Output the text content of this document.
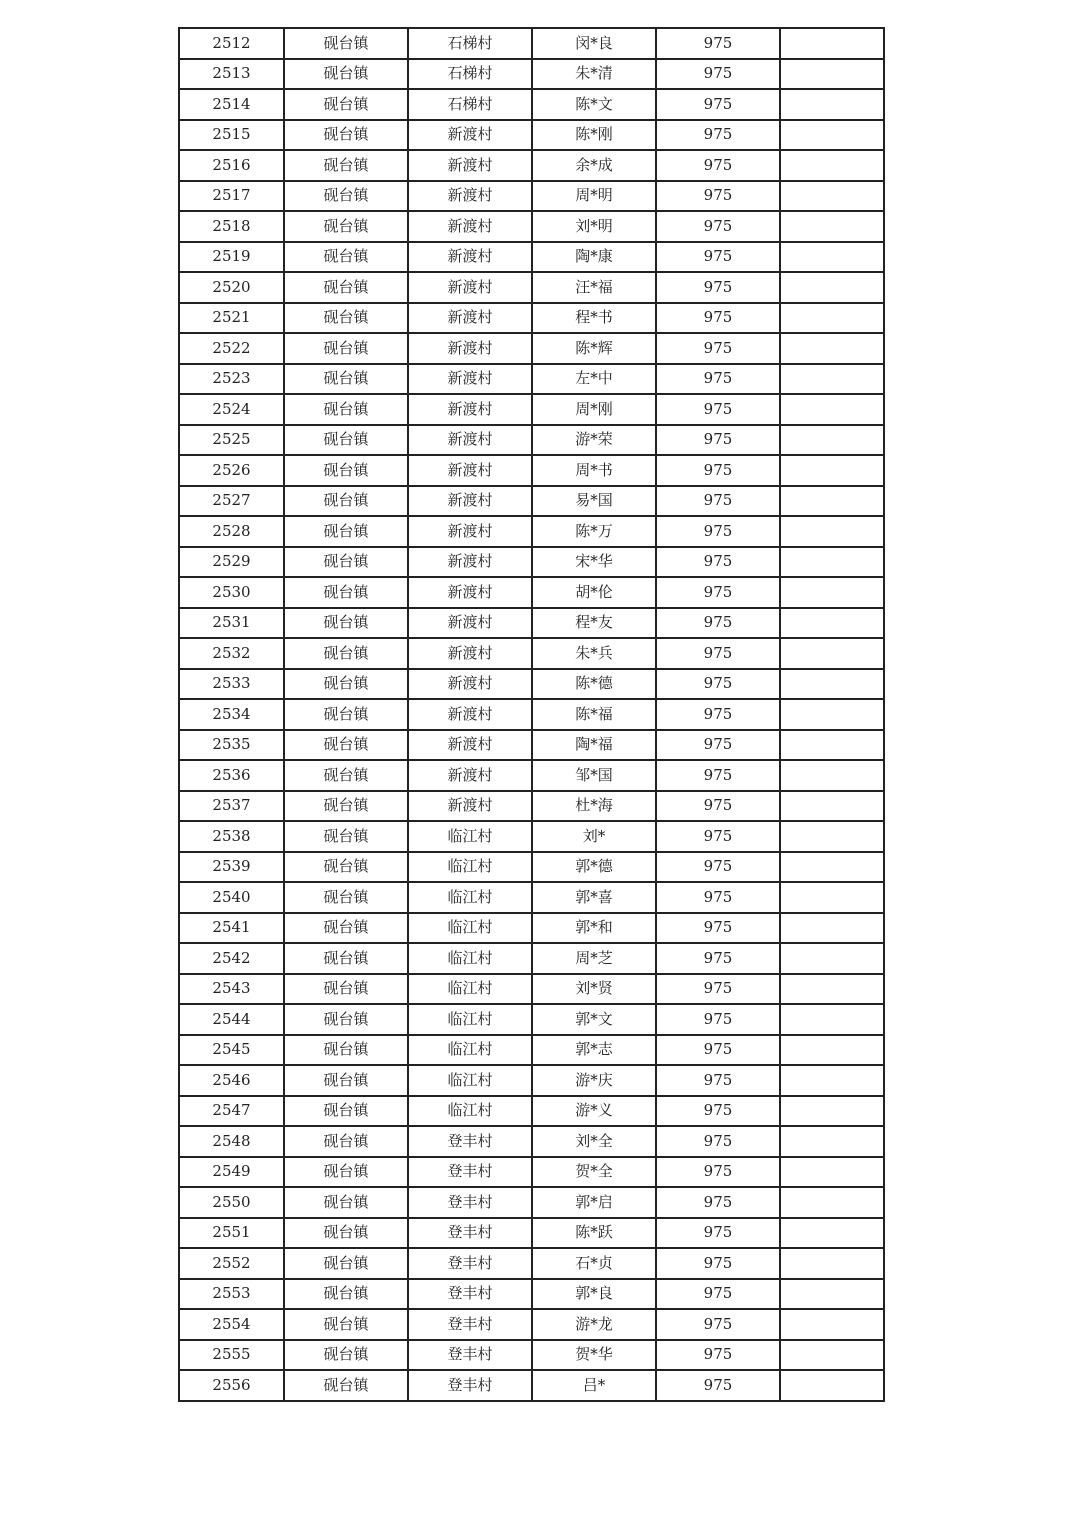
2512	砚台镇	石梯村	闵*良	975	
2513	砚台镇	石梯村	朱*清	975	
2514	砚台镇	石梯村	陈*文	975	
2515	砚台镇	新渡村	陈*刚	975	
2516	砚台镇	新渡村	余*成	975	
2517	砚台镇	新渡村	周*明	975	
2518	砚台镇	新渡村	刘*明	975	
2519	砚台镇	新渡村	陶*康	975	
2520	砚台镇	新渡村	汪*福	975	
2521	砚台镇	新渡村	程*书	975	
2522	砚台镇	新渡村	陈*辉	975	
2523	砚台镇	新渡村	左*中	975	
2524	砚台镇	新渡村	周*刚	975	
2525	砚台镇	新渡村	游*荣	975	
2526	砚台镇	新渡村	周*书	975	
2527	砚台镇	新渡村	易*国	975	
2528	砚台镇	新渡村	陈*万	975	
2529	砚台镇	新渡村	宋*华	975	
2530	砚台镇	新渡村	胡*伦	975	
2531	砚台镇	新渡村	程*友	975	
2532	砚台镇	新渡村	朱*兵	975	
2533	砚台镇	新渡村	陈*德	975	
2534	砚台镇	新渡村	陈*福	975	
2535	砚台镇	新渡村	陶*福	975	
2536	砚台镇	新渡村	邹*国	975	
2537	砚台镇	新渡村	杜*海	975	
2538	砚台镇	临江村	刘*	975	
2539	砚台镇	临江村	郭*德	975	
2540	砚台镇	临江村	郭*喜	975	
2541	砚台镇	临江村	郭*和	975	
2542	砚台镇	临江村	周*芝	975	
2543	砚台镇	临江村	刘*贤	975	
2544	砚台镇	临江村	郭*文	975	
2545	砚台镇	临江村	郭*志	975	
2546	砚台镇	临江村	游*庆	975	
2547	砚台镇	临江村	游*义	975	
2548	砚台镇	登丰村	刘*全	975	
2549	砚台镇	登丰村	贺*全	975	
2550	砚台镇	登丰村	郭*启	975	
2551	砚台镇	登丰村	陈*跃	975	
2552	砚台镇	登丰村	石*贞	975	
2553	砚台镇	登丰村	郭*良	975	
2554	砚台镇	登丰村	游*龙	975	
2555	砚台镇	登丰村	贺*华	975	
2556	砚台镇	登丰村	吕*	975	
